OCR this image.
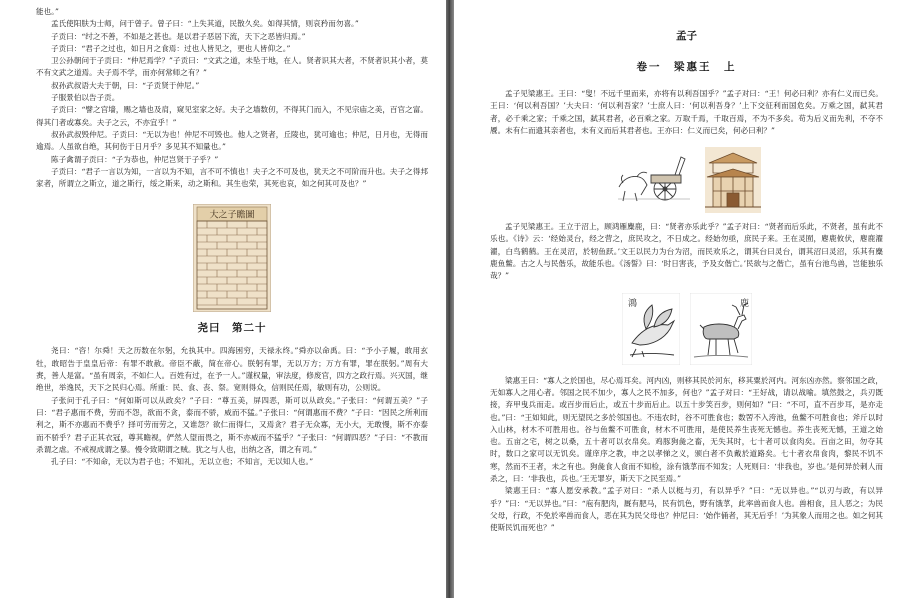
能也。”

孟氏使阳肤为士师，问于曾子。曾子曰：“上失其道，民散久矣。如得其情，则哀矜而勿喜。”

子贡曰：“纣之不善，不如是之甚也。是以君子恶居下流，天下之恶皆归焉。”

子贡曰：“君子之过也，如日月之食焉：过也人皆见之，更也人皆仰之。”

卫公孙朝问于子贡曰：“仲尼焉学？”子贡曰：“文武之道，未坠于地，在人。贤者识其大者，不贤者识其小者，莫不有文武之道焉。夫子焉不学，而亦何常师之有？”

叔孙武叔语大夫于朝，曰：“子贡贤于仲尼。”

子服景伯以告子贡。

子贡曰：“譬之宫墙，赐之墙也及肩，窥见室家之好。夫子之墙数仞，不得其门而入，不见宗庙之美，百官之富。得其门者或寡矣。夫子之云，不亦宜乎！”

叔孙武叔毁仲尼。子贡曰：“无以为也！仲尼不可毁也。他人之贤者，丘陵也，犹可逾也；仲尼，日月也，无得而逾焉。人虽欲自绝，其何伤于日月乎？多见其不知量也。”

陈子禽谓子贡曰：“子为恭也，仲尼岂贤于子乎？”

子贡曰：“君子一言以为知，一言以为不知，言不可不慎也！夫子之不可及也，犹天之不可阶而升也。夫子之得邦家者，所谓立之斯立，道之斯行，绥之斯来，动之斯和。其生也荣，其死也哀，如之何其可及也？”

大之子瞻圖
尧曰　第二十

尧曰：“咨！尔舜！天之历数在尔躬，允执其中。四海困穷，天禄永终。”舜亦以命禹。曰：“予小子履，敢用玄牡，敢昭告于皇皇后帝：有罪不敢赦。帝臣不蔽，简在帝心。朕躬有罪，无以万方；万方有罪，罪在朕躬。”周有大赉，善人是富。“虽有周亲，不如仁人。百姓有过，在予一人。”谨权量，审法度，修废官，四方之政行焉。兴灭国，继绝世，举逸民，天下之民归心焉。所重：民、食、丧、祭。宽则得众，信则民任焉，敏则有功，公则说。

子张问于孔子曰：“何如斯可以从政矣？”子曰：“尊五美，屏四恶，斯可以从政矣。”子张曰：“何谓五美？”子曰：“君子惠而不费，劳而不怨，欲而不贪，泰而不骄，威而不猛。”子张曰：“何谓惠而不费？”子曰：“因民之所利而利之，斯不亦惠而不费乎？择可劳而劳之，又谁怨？欲仁而得仁，又焉贪？君子无众寡，无小大，无敢慢，斯不亦泰而不骄乎？君子正其衣冠，尊其瞻视，俨然人望而畏之，斯不亦威而不猛乎？”子张曰：“何谓四恶？”子曰：“不教而杀谓之虐。不戒视成谓之暴。慢令致期谓之贼。犹之与人也，出纳之吝，谓之有司。”

孔子曰：“不知命，无以为君子也；不知礼，无以立也；不知言，无以知人也。”

孟子
卷一　梁惠王　上

孟子见梁惠王。王曰：“叟！不远千里而来，亦将有以利吾国乎？”孟子对曰：“王！何必曰利？亦有仁义而已矣。王曰：‘何以利吾国？’大夫曰：‘何以利吾家？’士庶人曰：‘何以利吾身？’上下交征利而国危矣。万乘之国，弑其君者，必千乘之家；千乘之国，弑其君者，必百乘之家。万取千焉，千取百焉，不为不多矣。苟为后义而先利，不夺不餍。未有仁而遗其亲者也，未有义而后其君者也。王亦曰：仁义而已矣，何必曰利？”

孟子见梁惠王。王立于沼上，顾鸿雁麋鹿，曰：“贤者亦乐此乎？”孟子对曰：“贤者而后乐此，不贤者，虽有此不乐也。《诗》云：‘经始灵台，经之营之，庶民攻之，不日成之。经始勿亟，庶民子来。王在灵囿，麀鹿攸伏，麀鹿濯濯，白鸟鹤鹤。王在灵沼，於牣鱼跃。’文王以民力为台为沼，而民欢乐之，谓其台曰灵台，谓其沼曰灵沼，乐其有麋鹿鱼鳖。古之人与民偕乐，故能乐也。《汤誓》曰：‘时日害丧，予及女偕亡。’民欲与之偕亡，虽有台池鸟兽，岂能独乐哉？”

鴻	鹿

梁惠王曰：“寡人之於国也，尽心焉耳矣。河内凶，则移其民於河东，移其粟於河内。河东凶亦然。察邻国之政，无如寡人之用心者。邻国之民不加少，寡人之民不加多，何也？”孟子对曰：“王好战，请以战喻。填然鼓之，兵刃既接，弃甲曳兵而走。或百步而后止，或五十步而后止。以五十步笑百步，则何如？”曰：“不可，直不百步耳，是亦走也。”曰：“王如知此，则无望民之多於邻国也。不违农时，谷不可胜食也；数罟不入洿池，鱼鳖不可胜食也；斧斤以时入山林，材木不可胜用也。谷与鱼鳖不可胜食，材木不可胜用，是使民养生丧死无憾也。养生丧死无憾，王道之始也。五亩之宅，树之以桑，五十者可以衣帛矣。鸡豚狗彘之畜，无失其时，七十者可以食肉矣。百亩之田，勿夺其时，数口之家可以无饥矣。谨庠序之教，申之以孝悌之义，颁白者不负戴於道路矣。七十者衣帛食肉，黎民不饥不寒，然而不王者，未之有也。狗彘食人食而不知检，涂有饿莩而不知发；人死则曰：‘非我也，岁也。’是何异於刺人而杀之，曰：‘非我也，兵也。’王无罪岁，斯天下之民至焉。”

梁惠王曰：“寡人愿安承教。”孟子对曰：“杀人以梃与刃，有以异乎？”曰：“无以异也。”“以刃与政，有以异乎？”曰：“无以异也。”曰：“庖有肥肉，厩有肥马，民有饥色，野有饿莩，此率兽而食人也。兽相食，且人恶之；为民父母，行政，不免於率兽而食人，恶在其为民父母也？仲尼曰：‘始作俑者，其无后乎！’为其象人而用之也。如之何其使斯民饥而死也？”
